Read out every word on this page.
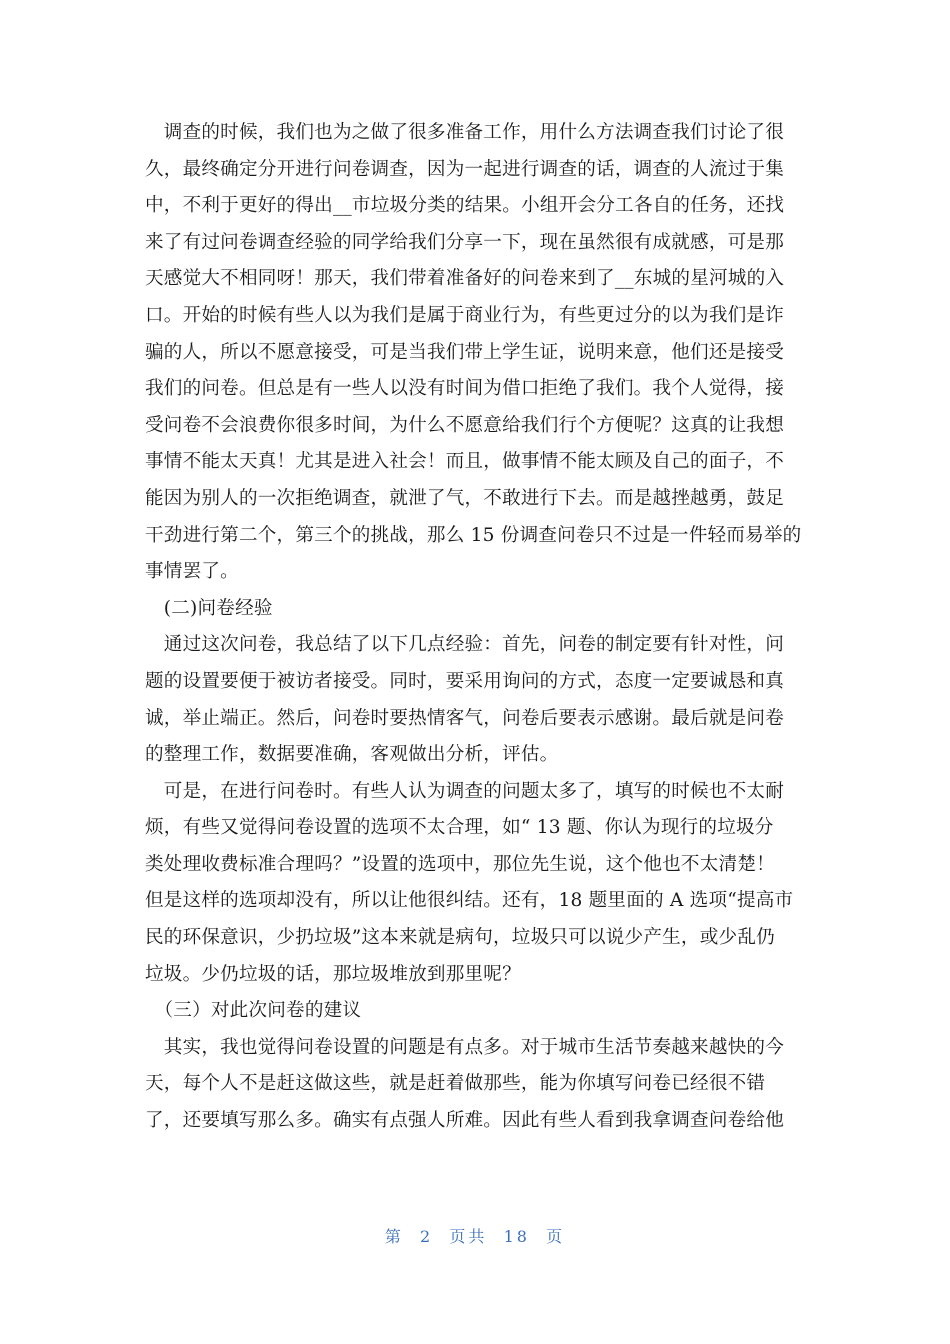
　调查的时候，我们也为之做了很多准备工作，用什么方法调查我们讨论了很
久，最终确定分开进行问卷调查，因为一起进行调查的话，调查的人流过于集
中，不利于更好的得出__市垃圾分类的结果。小组开会分工各自的任务，还找
来了有过问卷调查经验的同学给我们分享一下，现在虽然很有成就感，可是那
天感觉大不相同呀！那天，我们带着准备好的问卷来到了__东城的星河城的入
口。开始的时候有些人以为我们是属于商业行为，有些更过分的以为我们是诈
骗的人，所以不愿意接受，可是当我们带上学生证，说明来意，他们还是接受
我们的问卷。但总是有一些人以没有时间为借口拒绝了我们。我个人觉得，接
受问卷不会浪费你很多时间，为什么不愿意给我们行个方便呢？这真的让我想
事情不能太天真！尤其是进入社会！而且，做事情不能太顾及自己的面子，不
能因为别人的一次拒绝调查，就泄了气，不敢进行下去。而是越挫越勇，鼓足
干劲进行第二个，第三个的挑战，那么 15 份调查问卷只不过是一件轻而易举的
事情罢了。
　(二)问卷经验
　通过这次问卷，我总结了以下几点经验：首先，问卷的制定要有针对性，问
题的设置要便于被访者接受。同时，要采用询问的方式，态度一定要诚恳和真
诚，举止端正。然后，问卷时要热情客气，问卷后要表示感谢。最后就是问卷
的整理工作，数据要准确，客观做出分析，评估。
　可是，在进行问卷时。有些人认为调查的问题太多了，填写的时候也不太耐
烦，有些又觉得问卷设置的选项不太合理，如“ 13 题、你认为现行的垃圾分
类处理收费标准合理吗？”设置的选项中，那位先生说，这个他也不太清楚！
但是这样的选项却没有，所以让他很纠结。还有，18 题里面的 A 选项“提高市
民的环保意识，少扔垃圾”这本来就是病句，垃圾只可以说少产生，或少乱仍
垃圾。少仍垃圾的话，那垃圾堆放到那里呢？
　（三）对此次问卷的建议
　其实，我也觉得问卷设置的问题是有点多。对于城市生活节奏越来越快的今
天，每个人不是赶这做这些，就是赶着做那些，能为你填写问卷已经很不错
了，还要填写那么多。确实有点强人所难。因此有些人看到我拿调查问卷给他
第  2  页共  18  页
